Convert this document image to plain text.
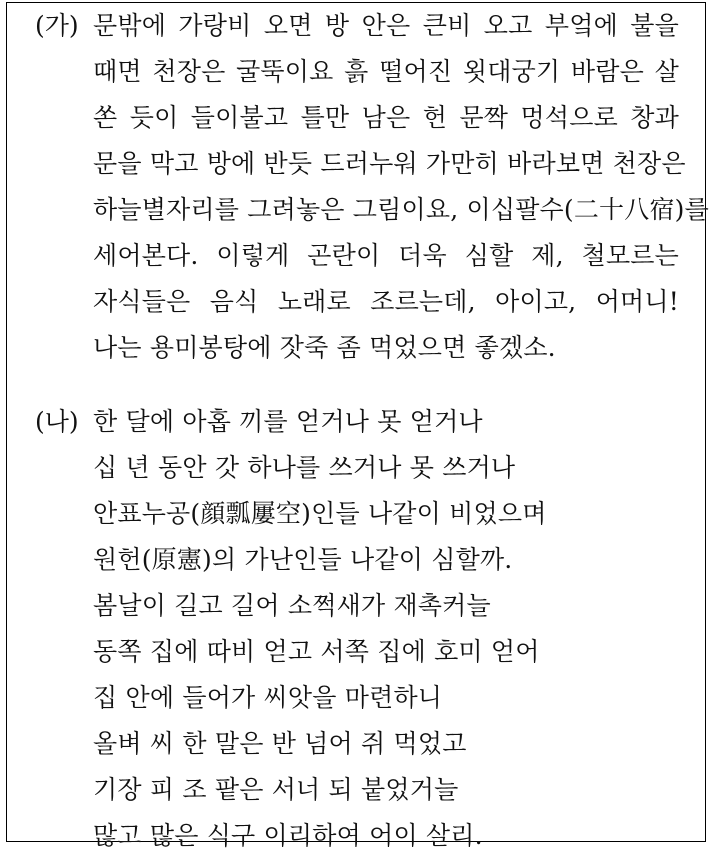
(가) 문밖에 가랑비 오면 방 안은 큰비 오고 부엌에 불을
때면 천장은 굴뚝이요 흙 떨어진 욋대궁기 바람은 살
쏜 듯이 들이불고 틀만 남은 헌 문짝 멍석으로 창과
문을 막고 방에 반듯 드러누워 가만히 바라보면 천장은
하늘별자리를 그려놓은 그림이요, 이십팔수(二十八宿)를
세어본다. 이렇게 곤란이 더욱 심할 제, 철모르는
자식들은 음식 노래로 조르는데, 아이고, 어머니!
나는 용미봉탕에 잣죽 좀 먹었으면 좋겠소.
(나) 한 달에 아홉 끼를 얻거나 못 얻거나
십 년 동안 갓 하나를 쓰거나 못 쓰거나
안표누공(顔瓢屢空)인들 나같이 비었으며
원헌(原憲)의 가난인들 나같이 심할까.
봄날이 길고 길어 소쩍새가 재촉커늘
동쪽 집에 따비 얻고 서쪽 집에 호미 얻어
집 안에 들어가 씨앗을 마련하니
올벼 씨 한 말은 반 넘어 쥐 먹었고
기장 피 조 팥은 서너 되 붙었거늘
많고 많은 식구 이리하여 어이 살리.
